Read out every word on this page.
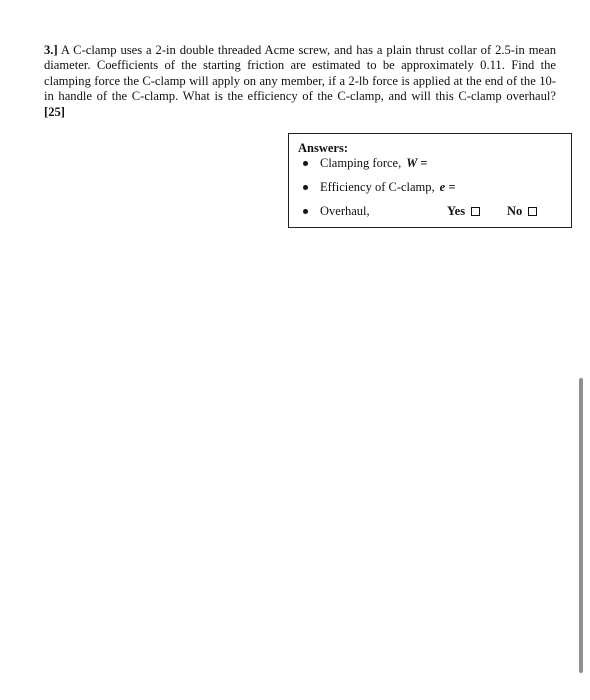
3.] A C-clamp uses a 2-in double threaded Acme screw, and has a plain thrust collar of 2.5-in mean diameter. Coefficients of the starting friction are estimated to be approximately 0.11. Find the clamping force the C-clamp will apply on any member, if a 2-lb force is applied at the end of the 10-in handle of the C-clamp. What is the efficiency of the C-clamp, and will this C-clamp overhaul? [25]

Answers:
Clamping force, W =
Efficiency of C-clamp, e =
Overhaul,	Yes	No
